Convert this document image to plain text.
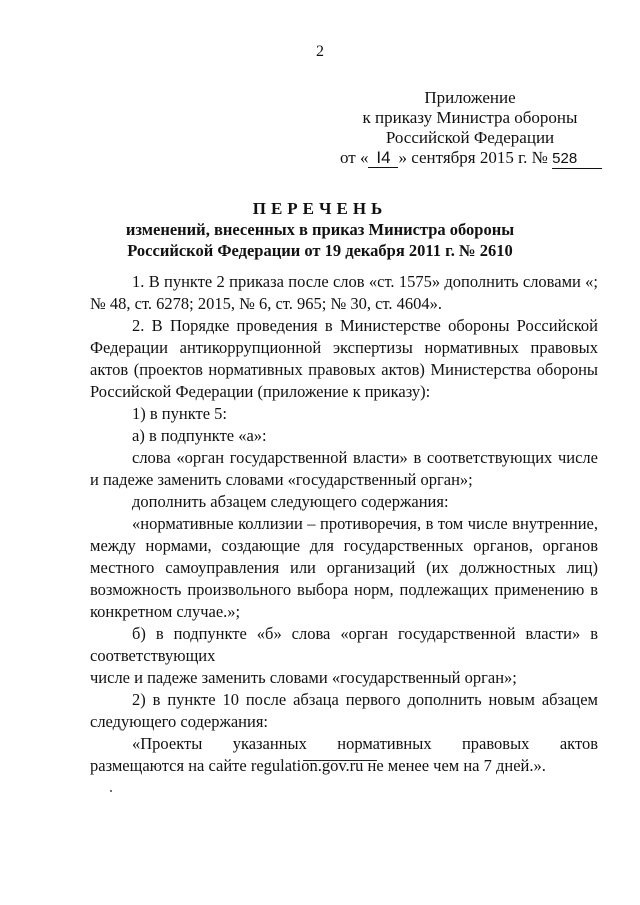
2
Приложение
к приказу Министра обороны
Российской Федерации
от « I4 » сентября 2015 г. № 528
ПЕРЕЧЕНЬ
изменений, внесенных в приказ Министра обороны
Российской Федерации от 19 декабря 2011 г. № 2610

1. В пункте 2 приказа после слов «ст. 1575» дополнить словами «; № 48, ст. 6278; 2015, № 6, ст. 965; № 30, ст. 4604».

2. В Порядке проведения в Министерстве обороны Российской Федерации антикоррупционной экспертизы нормативных правовых актов (проектов нормативных правовых актов) Министерства обороны Российской Федерации (приложение к приказу):

1) в пункте 5:

а) в подпункте «а»:

слова «орган государственной власти» в соответствующих числе и падеже заменить словами «государственный орган»;

дополнить абзацем следующего содержания:

«нормативные коллизии – противоречия, в том числе внутренние, между нормами, создающие для государственных органов, органов местного самоуправления или организаций (их должностных лиц) возможность произвольного выбора норм, подлежащих применению в конкретном случае.»;

б) в подпункте «б» слова «орган государственной власти» в соответствующих

числе и падеже заменить словами «государственный орган»;

2) в пункте 10 после абзаца первого дополнить новым абзацем следующего содержания:

«Проекты указанных нормативных правовых актов

размещаются на сайте regulation.gov.ru не менее чем на 7 дней.».
